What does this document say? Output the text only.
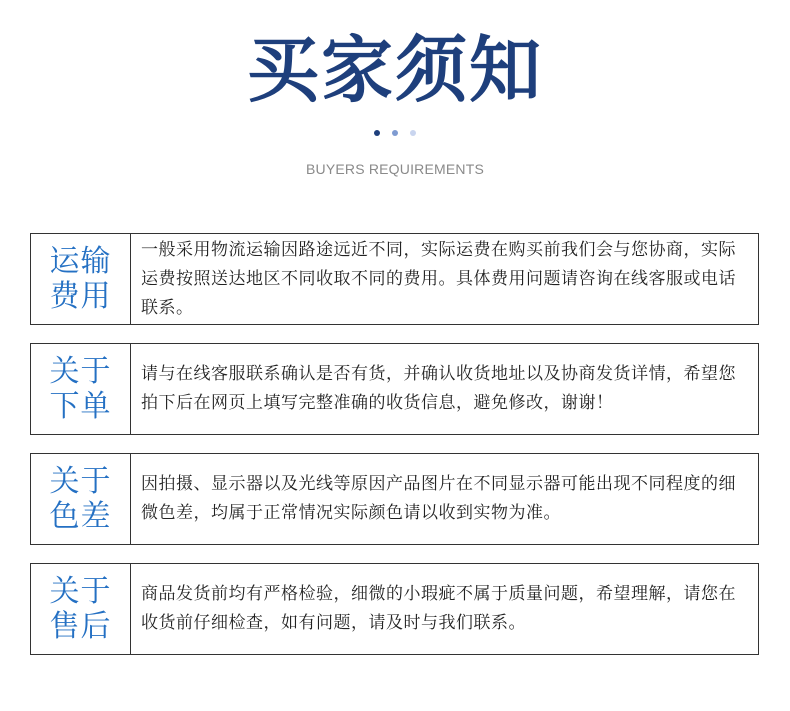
买家须知
BUYERS REQUIREMENTS
运输费用
一般采用物流运输因路途远近不同，实际运费在购买前我们会与您协商，实际运费按照送达地区不同收取不同的费用。具体费用问题请咨询在线客服或电话联系。
关于下单
请与在线客服联系确认是否有货，并确认收货地址以及协商发货详情，希望您拍下后在网页上填写完整准确的收货信息，避免修改，谢谢！
关于色差
因拍摄、显示器以及光线等原因产品图片在不同显示器可能出现不同程度的细微色差，均属于正常情况实际颜色请以收到实物为准。
关于售后
商品发货前均有严格检验，细微的小瑕疵不属于质量问题，希望理解，请您在收货前仔细检查，如有问题，请及时与我们联系。
